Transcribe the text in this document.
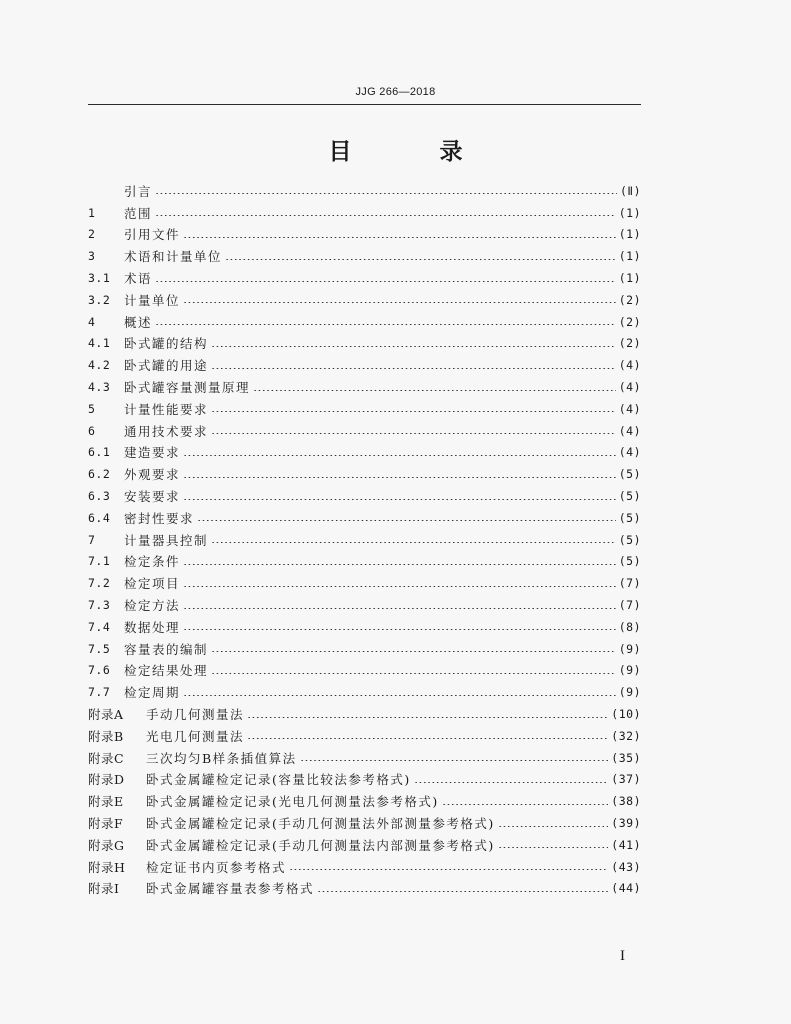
JJG 266—2018
目 录
引言	(Ⅱ)
1	范围	(1)
2	引用文件	(1)
3	术语和计量单位	(1)
3.1	术语	(1)
3.2	计量单位	(2)
4	概述	(2)
4.1	卧式罐的结构	(2)
4.2	卧式罐的用途	(4)
4.3	卧式罐容量测量原理	(4)
5	计量性能要求	(4)
6	通用技术要求	(4)
6.1	建造要求	(4)
6.2	外观要求	(5)
6.3	安装要求	(5)
6.4	密封性要求	(5)
7	计量器具控制	(5)
7.1	检定条件	(5)
7.2	检定项目	(7)
7.3	检定方法	(7)
7.4	数据处理	(8)
7.5	容量表的编制	(9)
7.6	检定结果处理	(9)
7.7	检定周期	(9)
附录A	手动几何测量法	(10)
附录B	光电几何测量法	(32)
附录C	三次均匀B样条插值算法	(35)
附录D	卧式金属罐检定记录(容量比较法参考格式)	(37)
附录E	卧式金属罐检定记录(光电几何测量法参考格式)	(38)
附录F	卧式金属罐检定记录(手动几何测量法外部测量参考格式)	(39)
附录G	卧式金属罐检定记录(手动几何测量法内部测量参考格式)	(41)
附录H	检定证书内页参考格式	(43)
附录I	卧式金属罐容量表参考格式	(44)
I
